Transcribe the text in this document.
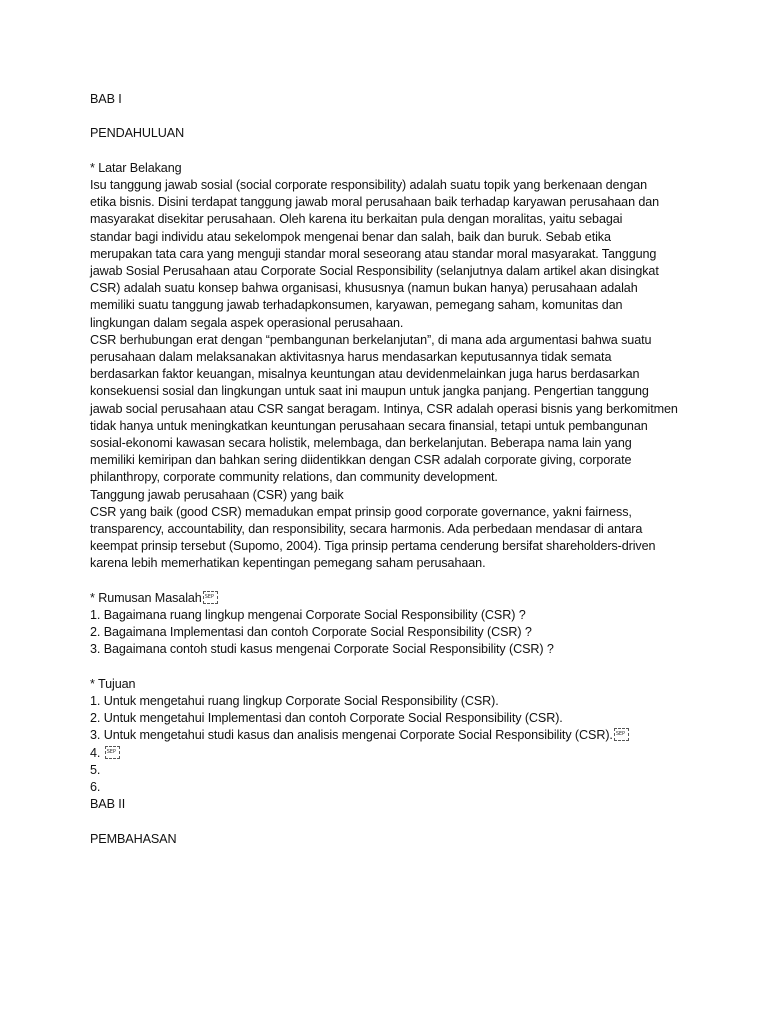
BAB I
PENDAHULUAN
* Latar Belakang
Isu tanggung jawab sosial (social corporate responsibility) adalah suatu topik yang berkenaan dengan
etika bisnis. Disini terdapat tanggung jawab moral perusahaan baik terhadap karyawan perusahaan dan
masyarakat disekitar perusahaan. Oleh karena itu berkaitan pula dengan moralitas, yaitu sebagai
standar bagi individu atau sekelompok mengenai benar dan salah, baik dan buruk. Sebab etika
merupakan tata cara yang menguji standar moral seseorang atau standar moral masyarakat. Tanggung
jawab Sosial Perusahaan atau Corporate Social Responsibility (selanjutnya dalam artikel akan disingkat
CSR) adalah suatu konsep bahwa organisasi, khususnya (namun bukan hanya) perusahaan adalah
memiliki suatu tanggung jawab terhadapkonsumen, karyawan, pemegang saham, komunitas dan
lingkungan dalam segala aspek operasional perusahaan.
CSR berhubungan erat dengan “pembangunan berkelanjutan”, di mana ada argumentasi bahwa suatu
perusahaan dalam melaksanakan aktivitasnya harus mendasarkan keputusannya tidak semata
berdasarkan faktor keuangan, misalnya keuntungan atau devidenmelainkan juga harus berdasarkan
konsekuensi sosial dan lingkungan untuk saat ini maupun untuk jangka panjang. Pengertian tanggung
jawab social perusahaan atau CSR sangat beragam. Intinya, CSR adalah operasi bisnis yang berkomitmen
tidak hanya untuk meningkatkan keuntungan perusahaan secara finansial, tetapi untuk pembangunan
sosial-ekonomi kawasan secara holistik, melembaga, dan berkelanjutan. Beberapa nama lain yang
memiliki kemiripan dan bahkan sering diidentikkan dengan CSR adalah corporate giving, corporate
philanthropy, corporate community relations, dan community development.
Tanggung jawab perusahaan (CSR) yang baik
CSR yang baik (good CSR) memadukan empat prinsip good corporate governance, yakni fairness,
transparency, accountability, dan responsibility, secara harmonis. Ada perbedaan mendasar di antara
keempat prinsip tersebut (Supomo, 2004). Tiga prinsip pertama cenderung bersifat shareholders-driven
karena lebih memerhatikan kepentingan pemegang saham perusahaan.
* Rumusan MasalahSEP
1. Bagaimana ruang lingkup mengenai Corporate Social Responsibility (CSR) ?
2. Bagaimana Implementasi dan contoh Corporate Social Responsibility (CSR) ?
3. Bagaimana contoh studi kasus mengenai Corporate Social Responsibility (CSR) ?
* Tujuan
1. Untuk mengetahui ruang lingkup Corporate Social Responsibility (CSR).
2. Untuk mengetahui Implementasi dan contoh Corporate Social Responsibility (CSR).
3. Untuk mengetahui studi kasus dan analisis mengenai Corporate Social Responsibility (CSR).SEP
4. SEP
5.
6.
BAB II
PEMBAHASAN
